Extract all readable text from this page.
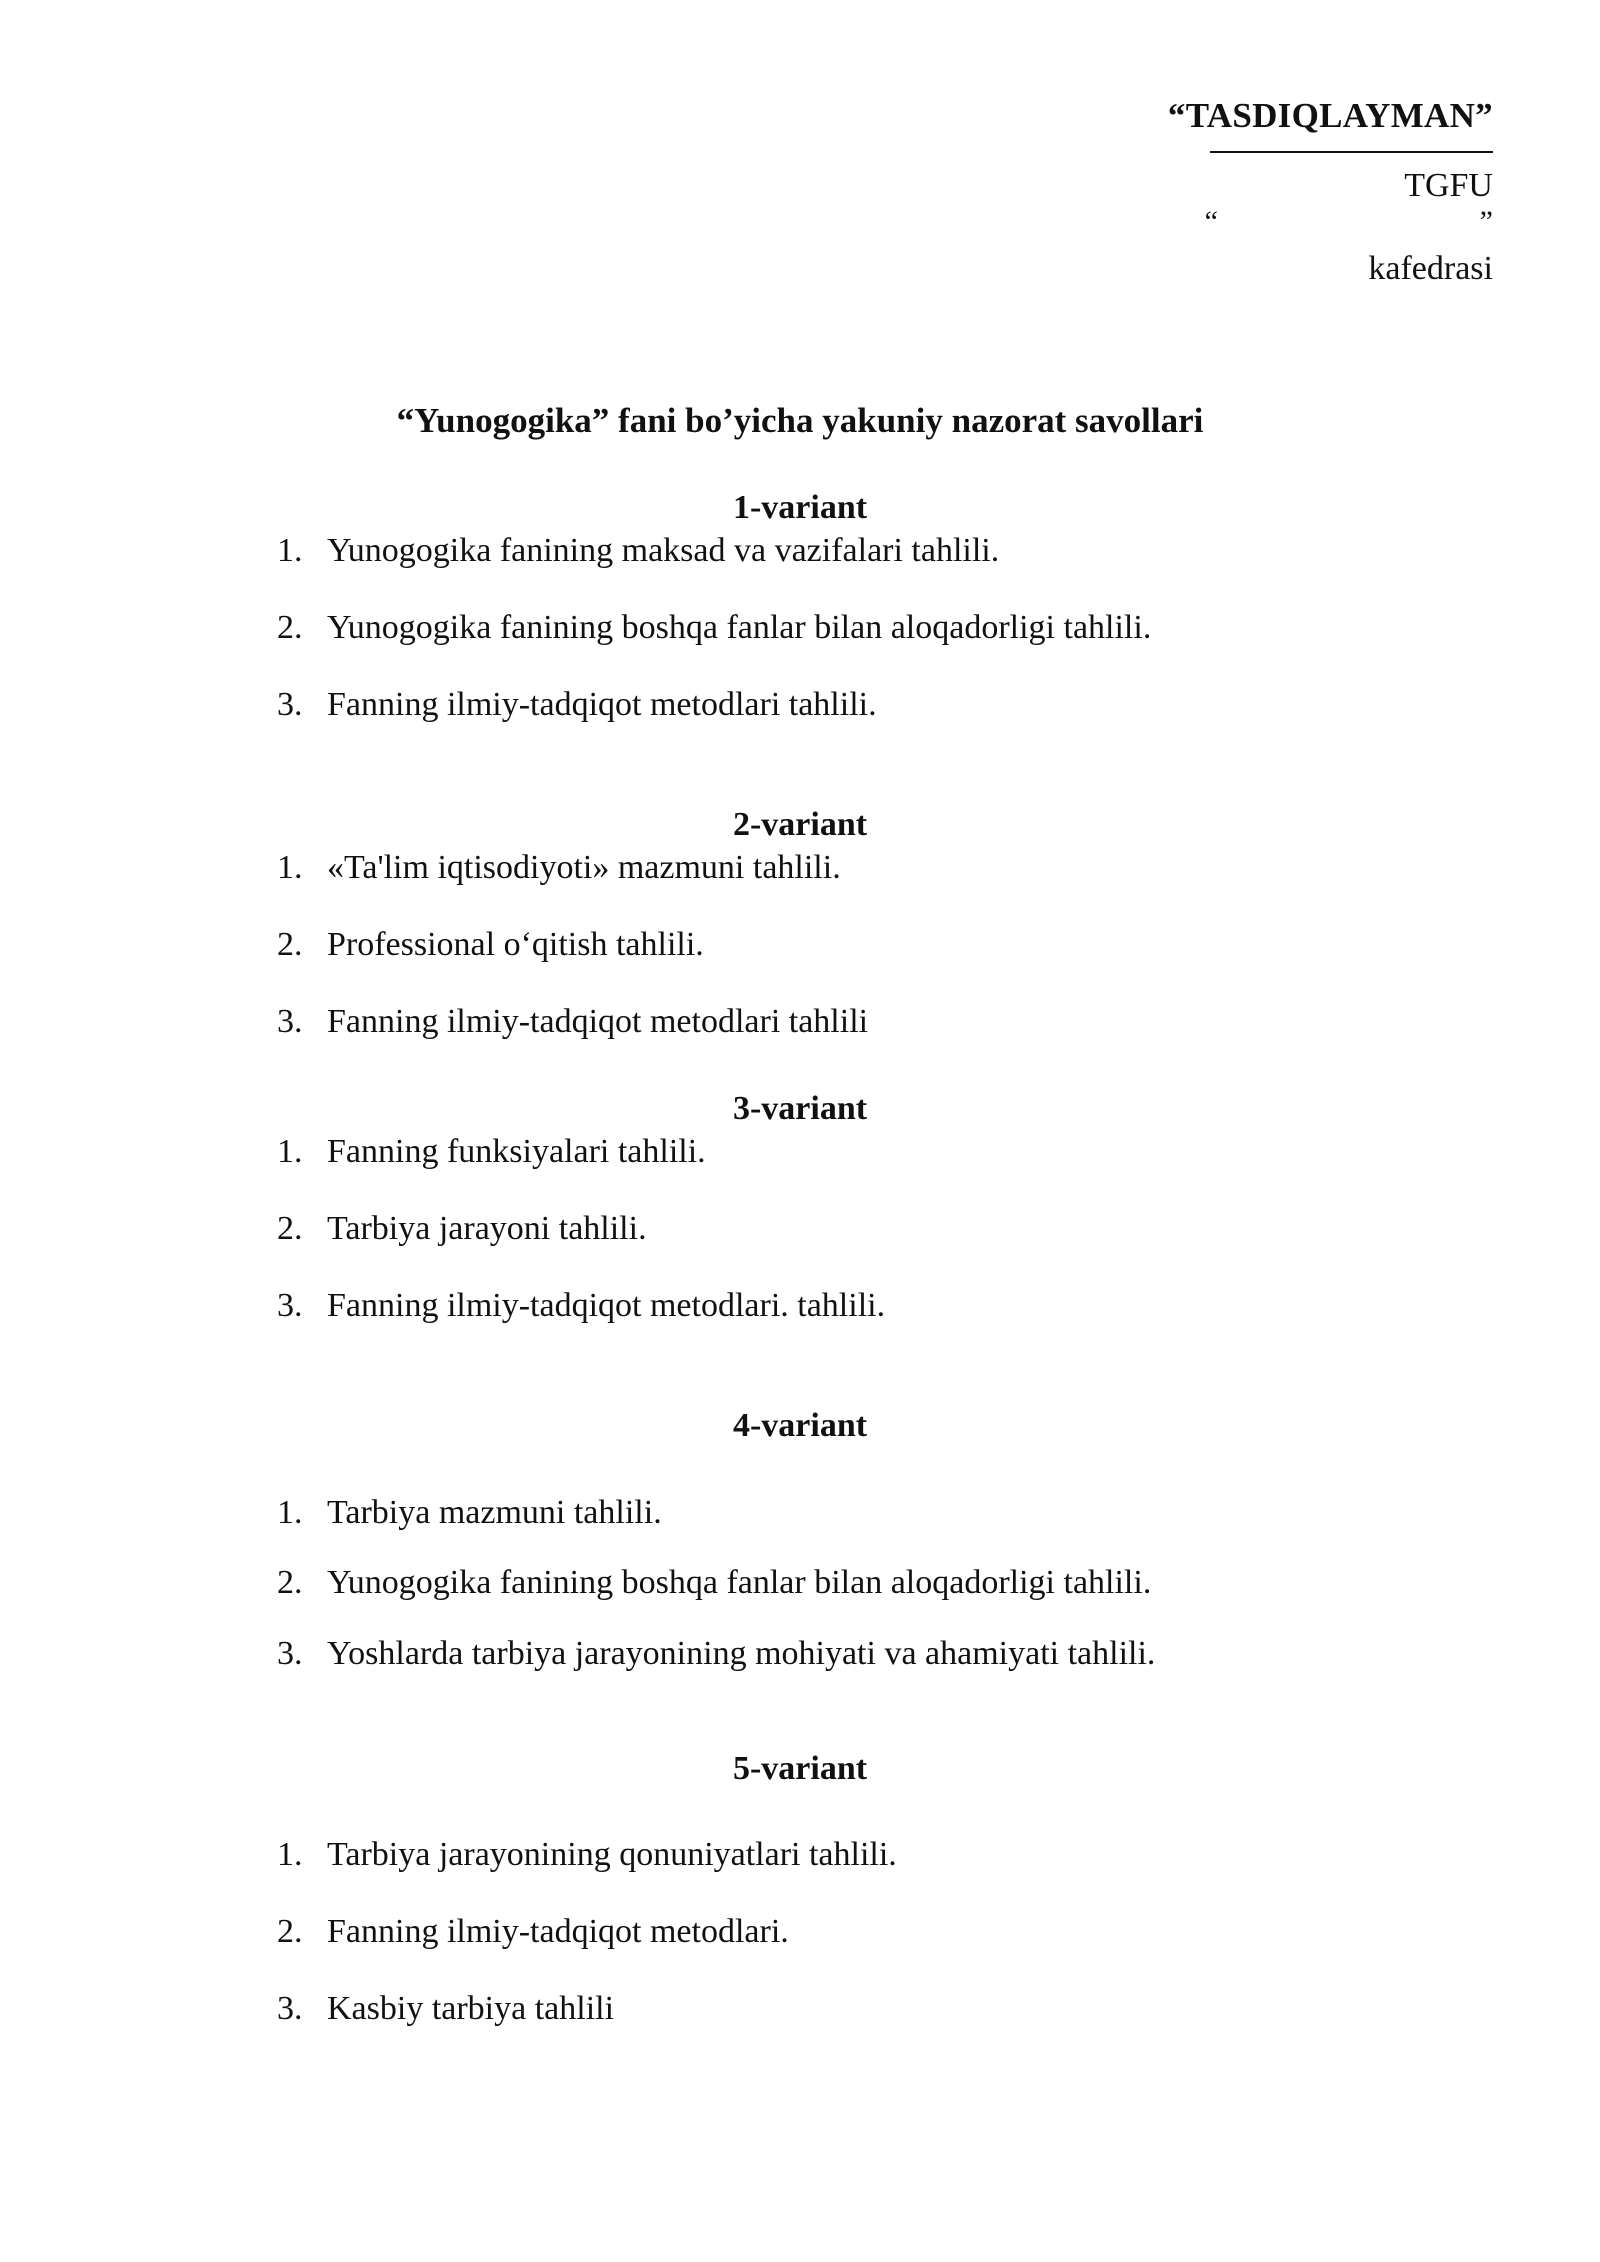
“TASDIQLAYMAN”
TGFU
“	”
kafedrasi
“Yunogogika” fani bo’yicha yakuniy nazorat savollari
1-variant
1. Yunogogika fanining maksad va vazifalari tahlili.
2. Yunogogika fanining boshqa fanlar bilan aloqadorligi tahlili.
3. Fanning ilmiy-tadqiqot metodlari tahlili.
2-variant
1. «Ta'lim iqtisodiyoti» mazmuni tahlili.
2. Professional o‘qitish tahlili.
3. Fanning ilmiy-tadqiqot metodlari tahlili
3-variant
1. Fanning funksiyalari tahlili.
2. Tarbiya jarayoni tahlili.
3. Fanning ilmiy-tadqiqot metodlari. tahlili.
4-variant
1. Tarbiya mazmuni tahlili.
2. Yunogogika fanining boshqa fanlar bilan aloqadorligi tahlili.
3. Yoshlarda tarbiya jarayonining mohiyati va ahamiyati tahlili.
5-variant
1. Tarbiya jarayonining qonuniyatlari tahlili.
2. Fanning ilmiy-tadqiqot metodlari.
3. Kasbiy tarbiya tahlili
